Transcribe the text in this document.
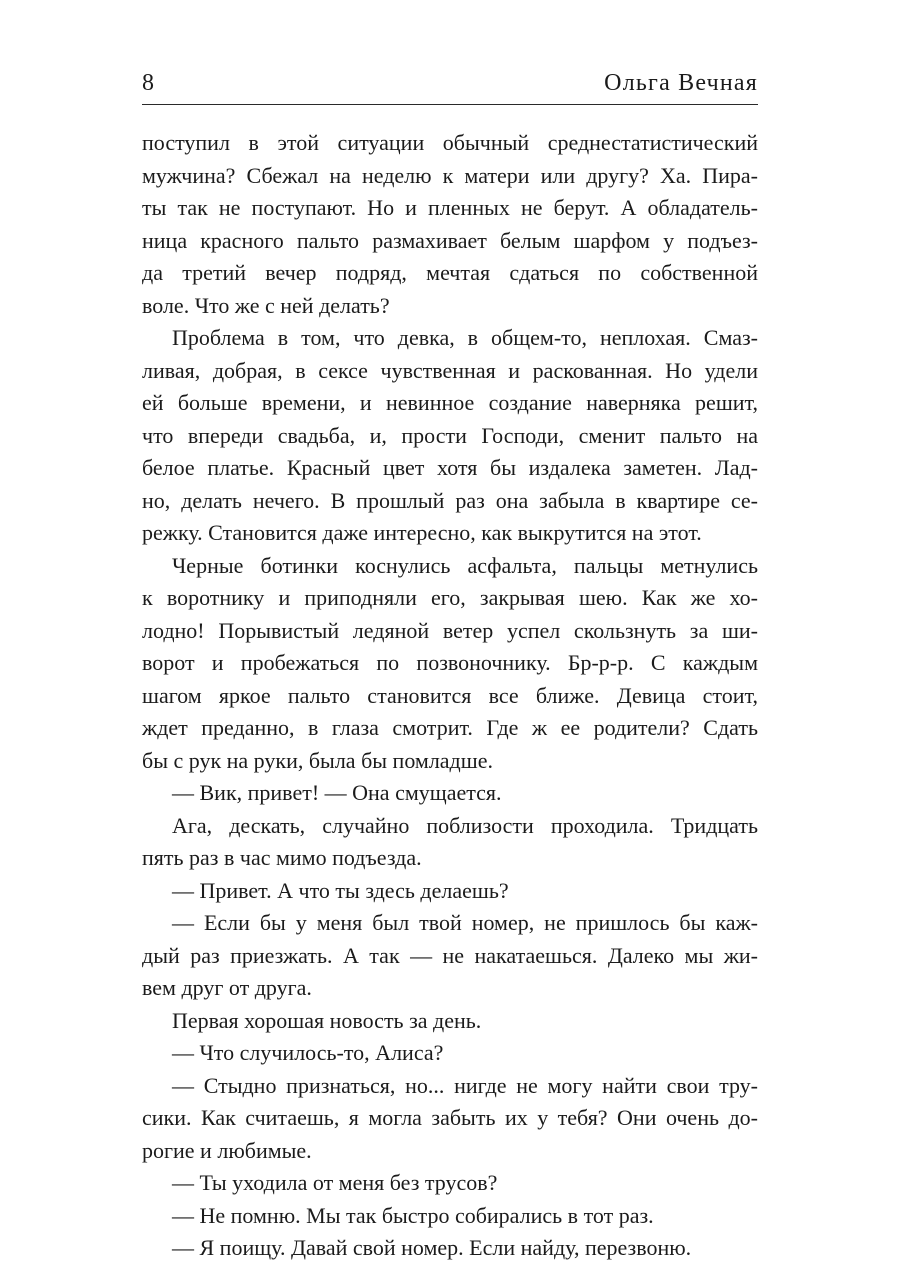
8	Ольга Вечная
поступил в этой ситуации обычный среднестатистический
мужчина? Сбежал на неделю к матери или другу? Ха. Пира-
ты так не поступают. Но и пленных не берут. А обладатель-
ница красного пальто размахивает белым шарфом у подъез-
да третий вечер подряд, мечтая сдаться по собственной
воле. Что же с ней делать?
Проблема в том, что девка, в общем-то, неплохая. Смаз-
ливая, добрая, в сексе чувственная и раскованная. Но удели
ей больше времени, и невинное создание наверняка решит,
что впереди свадьба, и, прости Господи, сменит пальто на
белое платье. Красный цвет хотя бы издалека заметен. Лад-
но, делать нечего. В прошлый раз она забыла в квартире се-
режку. Становится даже интересно, как выкрутится на этот.
Черные ботинки коснулись асфальта, пальцы метнулись
к воротнику и приподняли его, закрывая шею. Как же хо-
лодно! Порывистый ледяной ветер успел скользнуть за ши-
ворот и пробежаться по позвоночнику. Бр-р-р. С каждым
шагом яркое пальто становится все ближе. Девица стоит,
ждет преданно, в глаза смотрит. Где ж ее родители? Сдать
бы с рук на руки, была бы помладше.
— Вик, привет! — Она смущается.
Ага, дескать, случайно поблизости проходила. Тридцать
пять раз в час мимо подъезда.
— Привет. А что ты здесь делаешь?
— Если бы у меня был твой номер, не пришлось бы каж-
дый раз приезжать. А так — не накатаешься. Далеко мы жи-
вем друг от друга.
Первая хорошая новость за день.
— Что случилось-то, Алиса?
— Стыдно признаться, но... нигде не могу найти свои тру-
сики. Как считаешь, я могла забыть их у тебя? Они очень до-
рогие и любимые.
— Ты уходила от меня без трусов?
— Не помню. Мы так быстро собирались в тот раз.
— Я поищу. Давай свой номер. Если найду, перезвоню.
